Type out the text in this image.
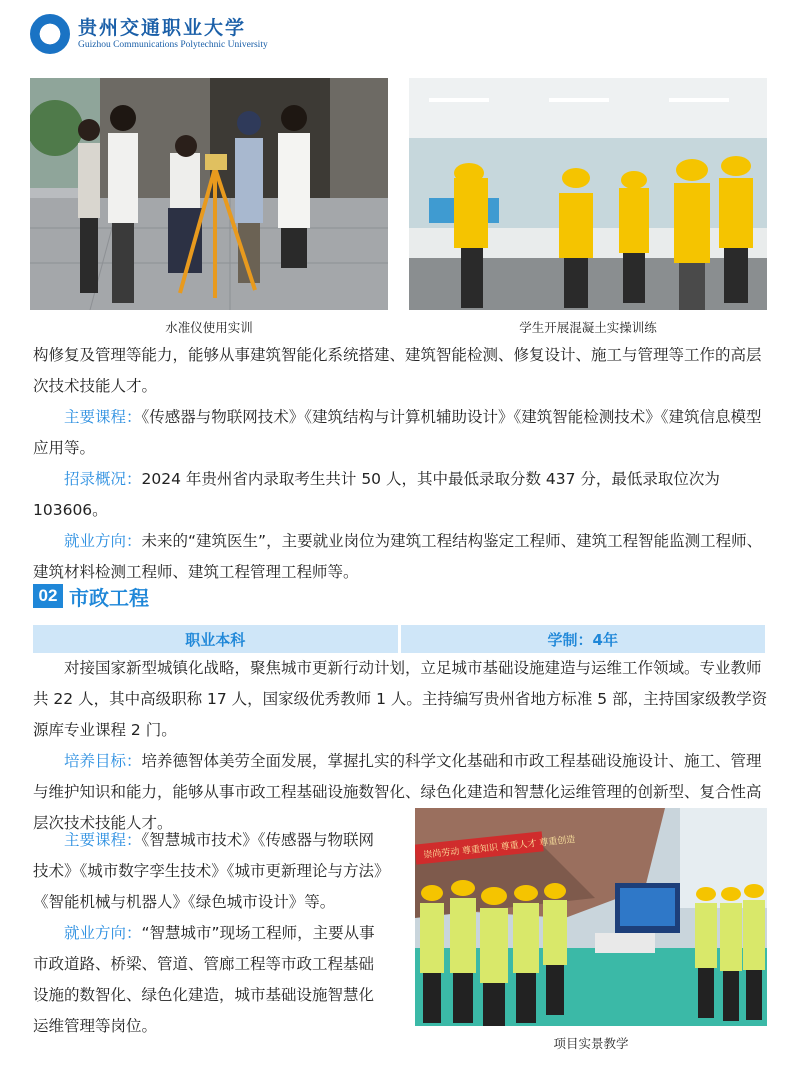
贵州交通职业大学
Guizhou Communications Polytechnic University
水准仪使用实训	学生开展混凝土实操训练

构修复及管理等能力，能够从事建筑智能化系统搭建、建筑智能检测、修复设计、施工与管理等工作的高层次技术技能人才。

主要课程：《传感器与物联网技术》《建筑结构与计算机辅助设计》《建筑智能检测技术》《建筑信息模型应用等。

招录概况：2024 年贵州省内录取考生共计 50 人，其中最低录取分数 437 分，最低录取位次为 103606。

就业方向：未来的“建筑医生”，主要就业岗位为建筑工程结构鉴定工程师、建筑工程智能监测工程师、建筑材料检测工程师、建筑工程管理工程师等。

02 市政工程
职业本科	学制：4年

对接国家新型城镇化战略，聚焦城市更新行动计划，立足城市基础设施建造与运维工作领域。专业教师共 22 人，其中高级职称 17 人，国家级优秀教师 1 人。主持编写贵州省地方标准 5 部，主持国家级教学资源库专业课程 2 门。

培养目标：培养德智体美劳全面发展，掌握扎实的科学文化基础和市政工程基础设施设计、施工、管理与维护知识和能力，能够从事市政工程基础设施数智化、绿色化建造和智慧化运维管理的创新型、复合性高层次技术技能人才。

主要课程：《智慧城市技术》《传感器与物联网技术》《城市数字孪生技术》《城市更新理论与方法》《智能机械与机器人》《绿色城市设计》等。

就业方向：“智慧城市”现场工程师，主要从事市政道路、桥梁、管道、管廊工程等市政工程基础设施的数智化、绿色化建造，城市基础设施智慧化运维管理等岗位。

崇尚劳动 尊重知识 尊重人才 尊重创造
项目实景教学
